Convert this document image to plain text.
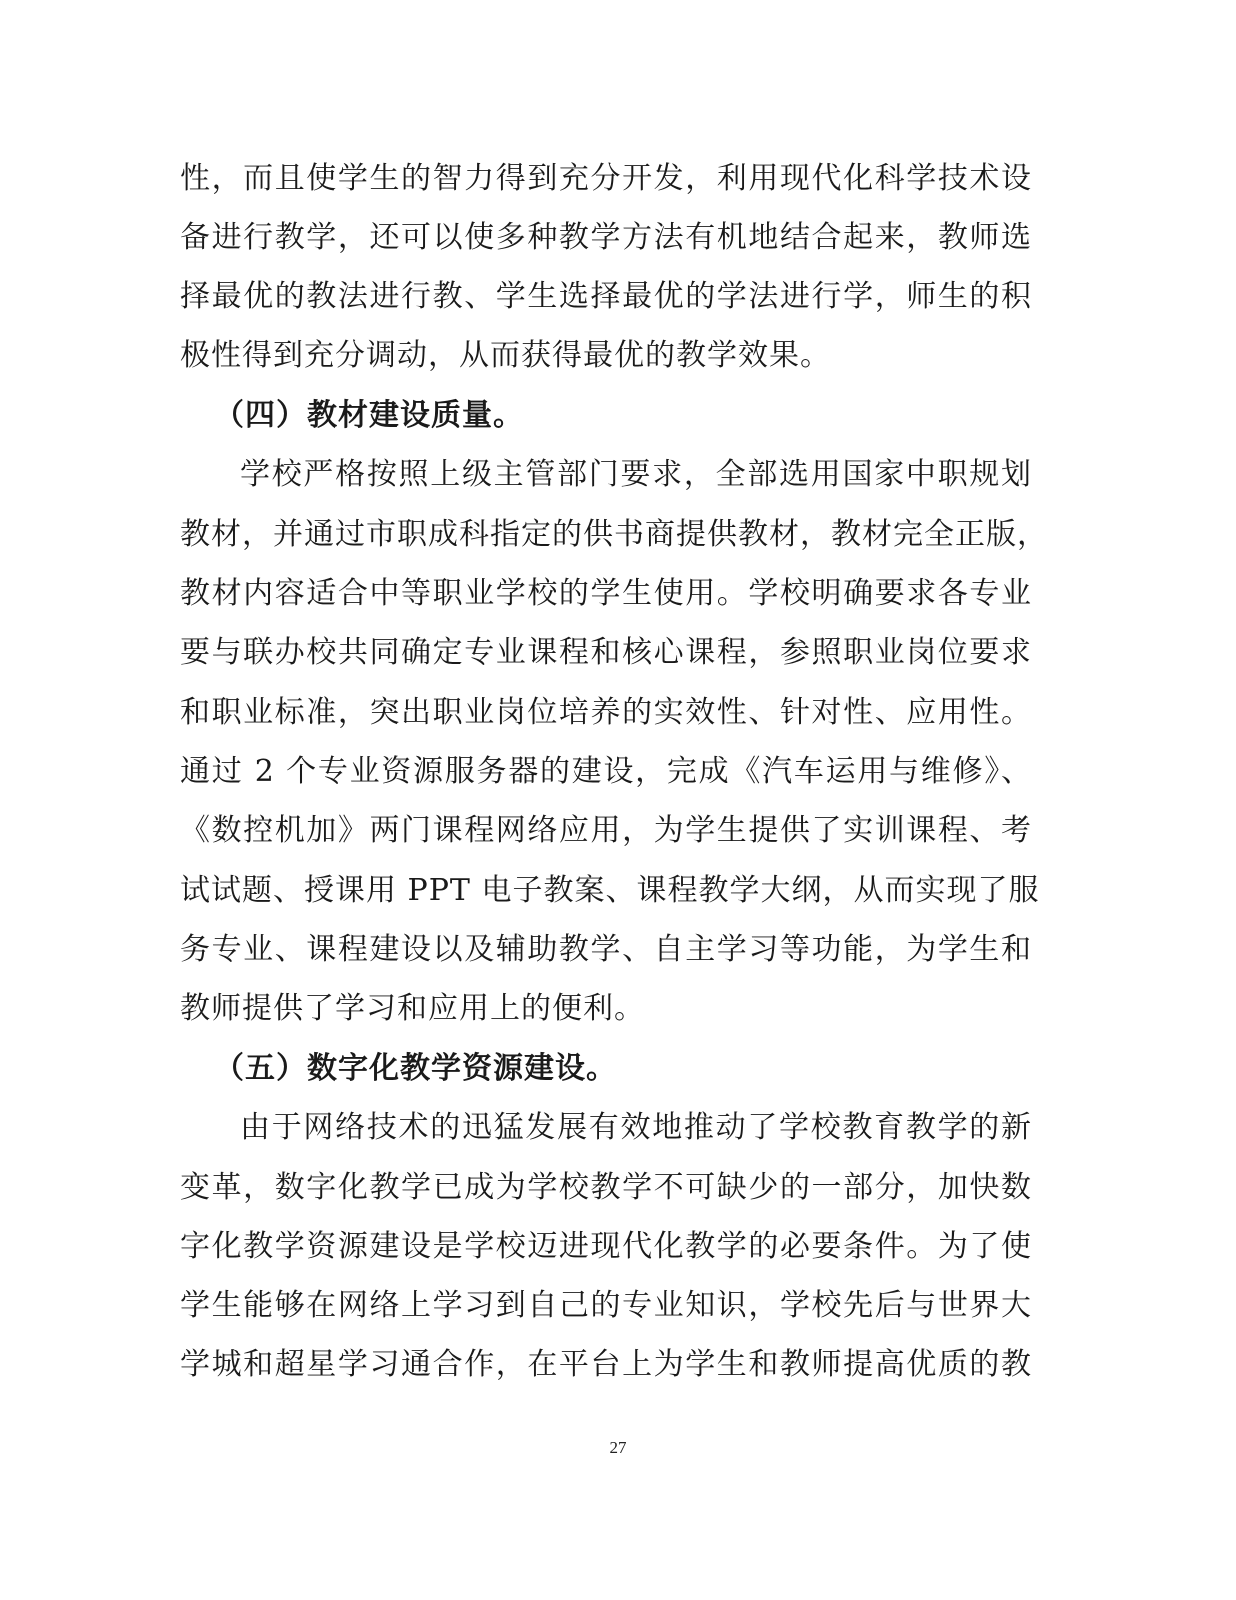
性，而且使学生的智力得到充分开发，利用现代化科学技术设
备进行教学，还可以使多种教学方法有机地结合起来，教师选
择最优的教法进行教、学生选择最优的学法进行学，师生的积
极性得到充分调动，从而获得最优的教学效果。
（四）教材建设质量。
学校严格按照上级主管部门要求，全部选用国家中职规划
教材，并通过市职成科指定的供书商提供教材，教材完全正版，
教材内容适合中等职业学校的学生使用。学校明确要求各专业
要与联办校共同确定专业课程和核心课程，参照职业岗位要求
和职业标准，突出职业岗位培养的实效性、针对性、应用性。
通过 2 个专业资源服务器的建设，完成《汽车运用与维修》、
《数控机加》两门课程网络应用，为学生提供了实训课程、考
试试题、授课用 PPT 电子教案、课程教学大纲，从而实现了服
务专业、课程建设以及辅助教学、自主学习等功能，为学生和
教师提供了学习和应用上的便利。
（五）数字化教学资源建设。
由于网络技术的迅猛发展有效地推动了学校教育教学的新
变革，数字化教学已成为学校教学不可缺少的一部分，加快数
字化教学资源建设是学校迈进现代化教学的必要条件。为了使
学生能够在网络上学习到自己的专业知识，学校先后与世界大
学城和超星学习通合作，在平台上为学生和教师提高优质的教
27
